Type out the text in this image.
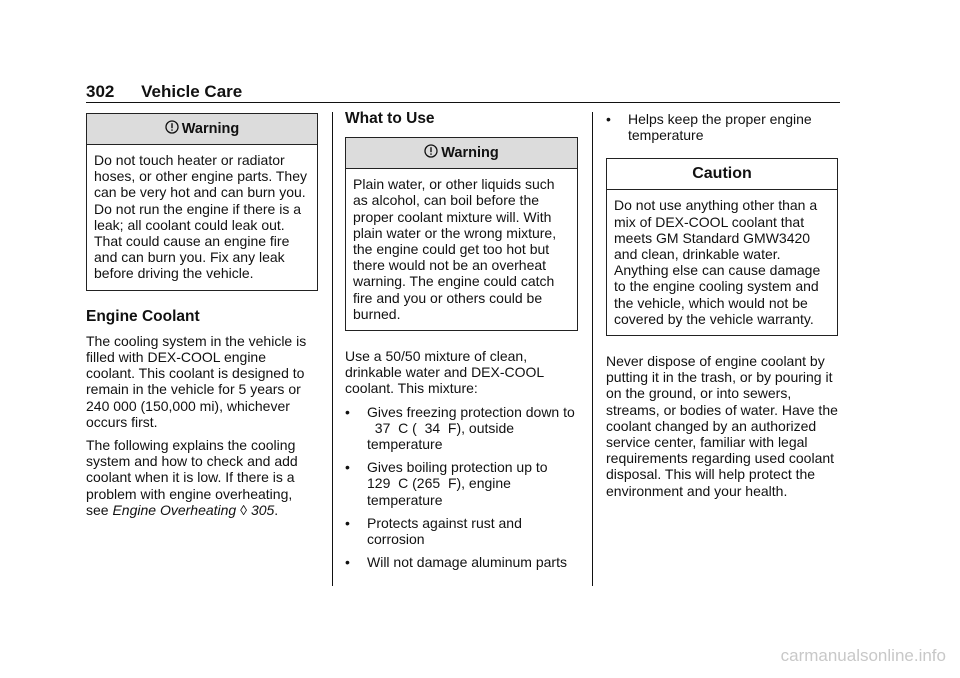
302 Vehicle Care
Warning
Do not touch heater or radiator hoses, or other engine parts. They can be very hot and can burn you. Do not run the engine if there is a leak; all coolant could leak out. That could cause an engine fire and can burn you. Fix any leak before driving the vehicle.
Engine Coolant

The cooling system in the vehicle is filled with DEX-COOL engine coolant. This coolant is designed to remain in the vehicle for 5 years or 240 000 (150,000 mi), whichever occurs first.

The following explains the cooling system and how to check and add coolant when it is low. If there is a problem with engine overheating, see Engine Overheating ◊ 305.

What to Use
Warning
Plain water, or other liquids such as alcohol, can boil before the proper coolant mixture will. With plain water or the wrong mixture, the engine could get too hot but there would not be an overheat warning. The engine could catch fire and you or others could be burned.

Use a 50/50 mixture of clean, drinkable water and DEX-COOL coolant. This mixture:

•	Gives freezing protection down to   37  C (  34  F), outside temperature
•	Gives boiling protection up to 129  C (265  F), engine temperature
•	Protects against rust and corrosion
•	Will not damage aluminum parts
•	Helps keep the proper engine temperature
Caution
Do not use anything other than a mix of DEX-COOL coolant that meets GM Standard GMW3420 and clean, drinkable water. Anything else can cause damage to the engine cooling system and the vehicle, which would not be covered by the vehicle warranty.

Never dispose of engine coolant by putting it in the trash, or by pouring it on the ground, or into sewers, streams, or bodies of water. Have the coolant changed by an authorized service center, familiar with legal requirements regarding used coolant disposal. This will help protect the environment and your health.

carmanualsonline.info
